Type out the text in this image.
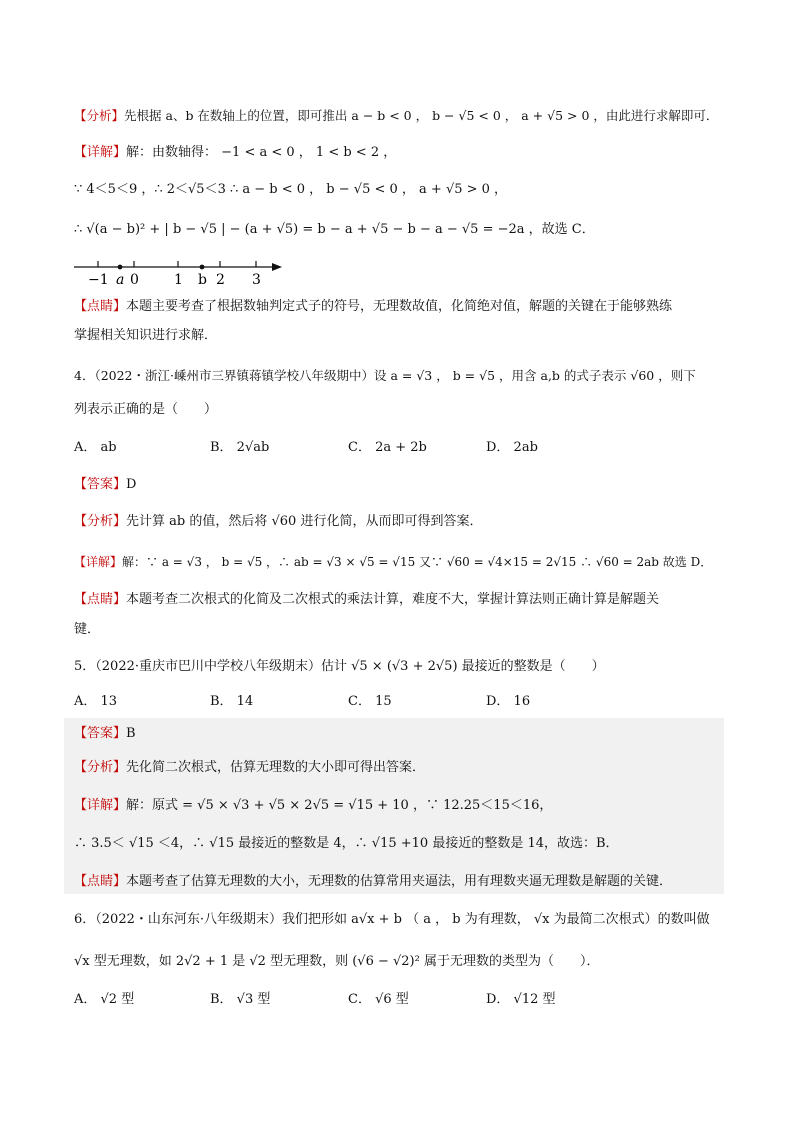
【分析】先根据 a、b 在数轴上的位置，即可推出 a − b < 0 ， b − √5 < 0 ， a + √5 > 0 ，由此进行求解即可．
【详解】解：由数轴得： −1 < a < 0 ， 1 < b < 2 ，
∵ 4＜5＜9 ，∴ 2＜√5＜3 ∴ a − b < 0 ， b − √5 < 0 ， a + √5 > 0 ，
∴ √(a − b)² + | b − √5 | − (a + √5) = b − a + √5 − b − a − √5 = −2a ，故选 C．
−1 a 0	1 b 2 3
【点睛】本题主要考查了根据数轴判定式子的符号，无理数故值，化简绝对值，解题的关键在于能够熟练
掌握相关知识进行求解．
4．（2022・浙江·嵊州市三界镇蒋镇学校八年级期中）设 a = √3 ， b = √5 ，用含 a,b 的式子表示 √60 ，则下
列表示正确的是（　　）
A． ab	B． 2√ab	C． 2a + 2b	D． 2ab
【答案】D
【分析】先计算 ab 的值，然后将 √60 进行化简，从而即可得到答案．
【详解】解：∵ a = √3 ， b = √5 ，∴ ab = √3 × √5 = √15 又∵ √60 = √4×15 = 2√15 ∴ √60 = 2ab 故选 D．
【点睛】本题考查二次根式的化简及二次根式的乘法计算，难度不大，掌握计算法则正确计算是解题关
键．
5．（2022·重庆市巴川中学校八年级期末）估计 √5 × (√3 + 2√5) 最接近的整数是（　　）
A． 13	B． 14	C． 15	D． 16
【答案】B
【分析】先化简二次根式，估算无理数的大小即可得出答案．
【详解】解：原式 = √5 × √3 + √5 × 2√5 = √15 + 10 ，∵ 12.25＜15＜16，
∴ 3.5＜ √15 ＜4，∴ √15 最接近的整数是 4，∴ √15 +10 最接近的整数是 14，故选：B．
【点睛】本题考查了估算无理数的大小，无理数的估算常用夹逼法，用有理数夹逼无理数是解题的关键．
6．（2022・山东河东·八年级期末）我们把形如 a√x + b （ a ， b 为有理数， √x 为最简二次根式）的数叫做
√x 型无理数，如 2√2 + 1 是 √2 型无理数，则 (√6 − √2)² 属于无理数的类型为（　　）．
A． √2 型	B． √3 型	C． √6 型	D． √12 型
